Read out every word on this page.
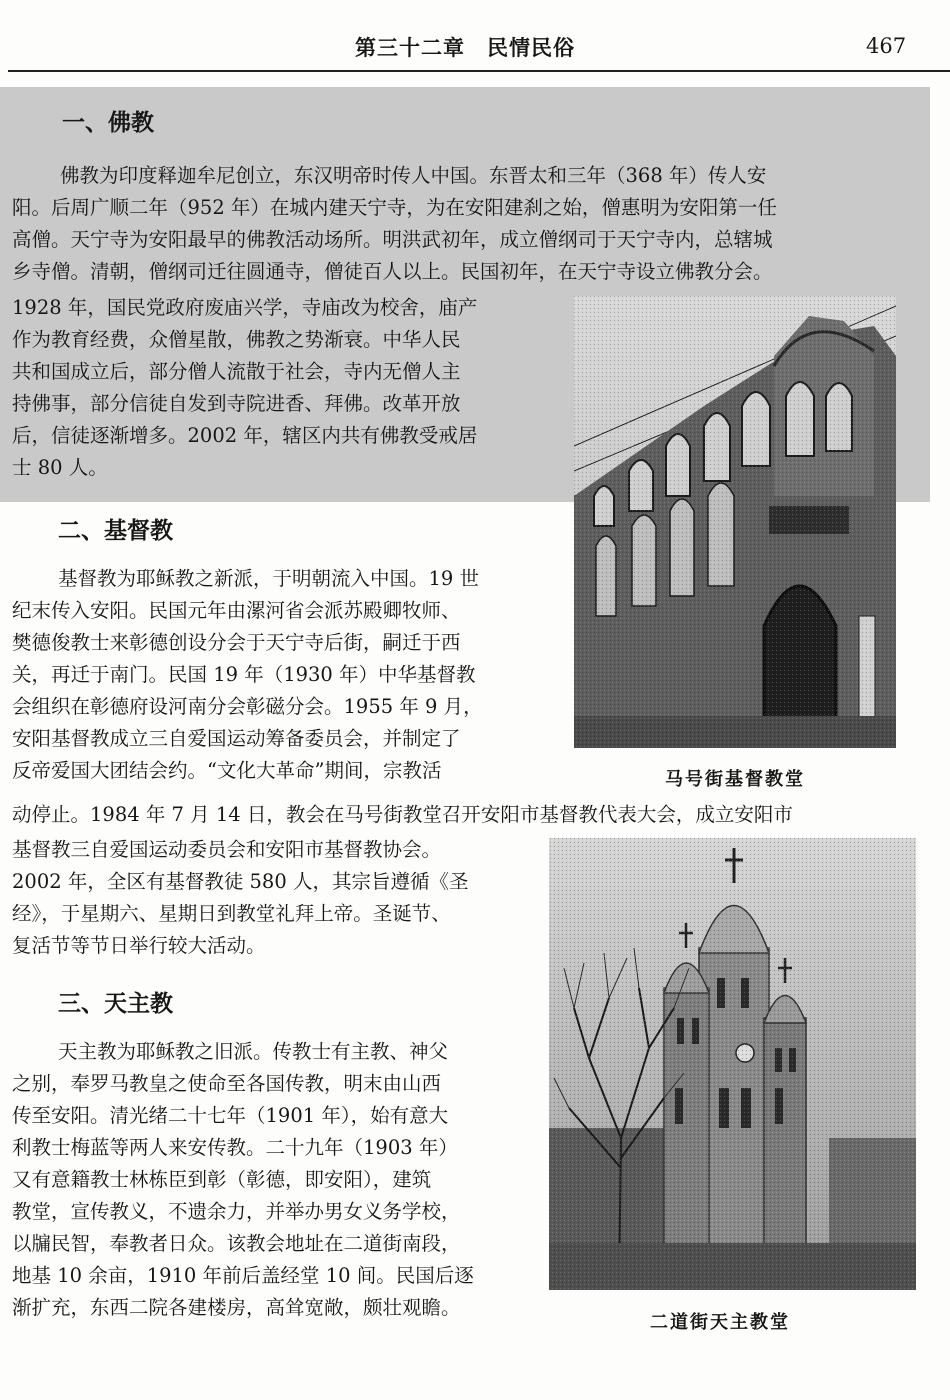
第三十二章　民情民俗	467
一、佛教
佛教为印度释迦牟尼创立，东汉明帝时传人中国。东晋太和三年（368 年）传人安
阳。后周广顺二年（952 年）在城内建天宁寺，为在安阳建刹之始，僧惠明为安阳第一任
高僧。天宁寺为安阳最早的佛教活动场所。明洪武初年，成立僧纲司于天宁寺内，总辖城
乡寺僧。清朝，僧纲司迁往圆通寺，僧徒百人以上。民国初年，在天宁寺设立佛教分会。
1928 年，国民党政府废庙兴学，寺庙改为校舍，庙产
作为教育经费，众僧星散，佛教之势渐衰。中华人民
共和国成立后，部分僧人流散于社会，寺内无僧人主
持佛事，部分信徒自发到寺院进香、拜佛。改革开放
后，信徒逐渐增多。2002 年，辖区内共有佛教受戒居
士 80 人。
马号街基督教堂
二、基督教
基督教为耶稣教之新派，于明朝流入中国。19 世
纪末传入安阳。民国元年由漯河省会派苏殿卿牧师、
樊德俊教士来彰德创设分会于天宁寺后街，嗣迁于西
关，再迁于南门。民国 19 年（1930 年）中华基督教
会组织在彰德府设河南分会彰磁分会。1955 年 9 月，
安阳基督教成立三自爱国运动筹备委员会，并制定了
反帝爱国大团结会约。“文化大革命”期间，宗教活
动停止。1984 年 7 月 14 日，教会在马号街教堂召开安阳市基督教代表大会，成立安阳市
基督教三自爱国运动委员会和安阳市基督教协会。
2002 年，全区有基督教徒 580 人，其宗旨遵循《圣
经》，于星期六、星期日到教堂礼拜上帝。圣诞节、
复活节等节日举行较大活动。
二道街天主教堂
三、天主教
天主教为耶稣教之旧派。传教士有主教、神父
之别，奉罗马教皇之使命至各国传教，明末由山西
传至安阳。清光绪二十七年（1901 年），始有意大
利教士梅蓝等两人来安传教。二十九年（1903 年）
又有意籍教士林栋臣到彰（彰德，即安阳），建筑
教堂，宣传教义，不遗余力，并举办男女义务学校，
以牖民智，奉教者日众。该教会地址在二道街南段，
地基 10 余亩，1910 年前后盖经堂 10 间。民国后逐
渐扩充，东西二院各建楼房，高耸宽敞，颇壮观瞻。
